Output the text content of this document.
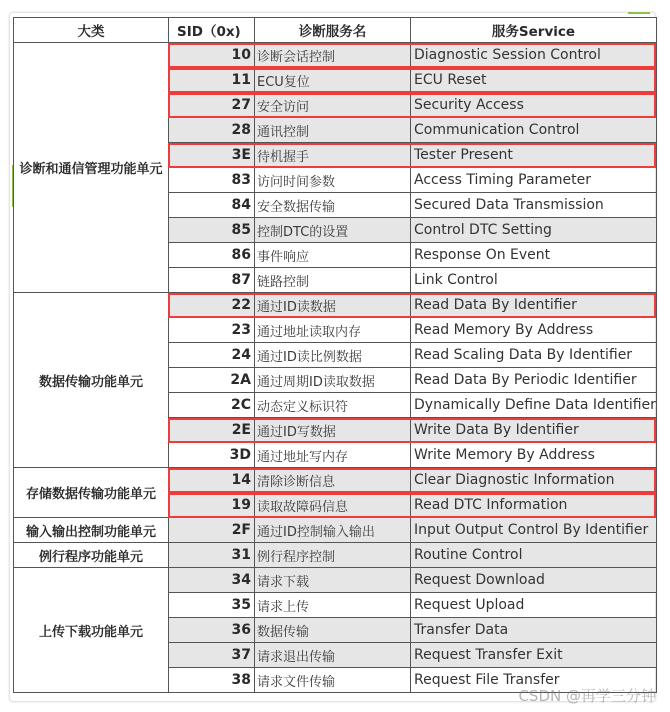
大类	SID（0x)	诊断服务名	服务Service
诊断和通信管理功能单元	10	诊断会话控制	Diagnostic Session Control
	11	ECU复位	ECU Reset
	27	安全访问	Security Access
	28	通讯控制	Communication Control
	3E	待机握手	Tester Present
	83	访问时间参数	Access Timing Parameter
	84	安全数据传输	Secured Data Transmission
	85	控制DTC的设置	Control DTC Setting
	86	事件响应	Response On Event
	87	链路控制	Link Control
数据传输功能单元	22	通过ID读数据	Read Data By Identifier
	23	通过地址读取内存	Read Memory By Address
	24	通过ID读比例数据	Read Scaling Data By Identifier
	2A	通过周期ID读取数据	Read Data By Periodic Identifier
	2C	动态定义标识符	Dynamically Define Data Identifier
	2E	通过ID写数据	Write Data By Identifier
	3D	通过地址写内存	Write Memory By Address
存储数据传输功能单元	14	清除诊断信息	Clear Diagnostic Information
	19	读取故障码信息	Read DTC Information
输入输出控制功能单元	2F	通过ID控制输入输出	Input Output Control By Identifier
例行程序功能单元	31	例行程序控制	Routine Control
上传下载功能单元	34	请求下载	Request Download
	35	请求上传	Request Upload
	36	数据传输	Transfer Data
	37	请求退出传输	Request Transfer Exit
	38	请求文件传输	Request File Transfer
CSDN @再学三分钟
